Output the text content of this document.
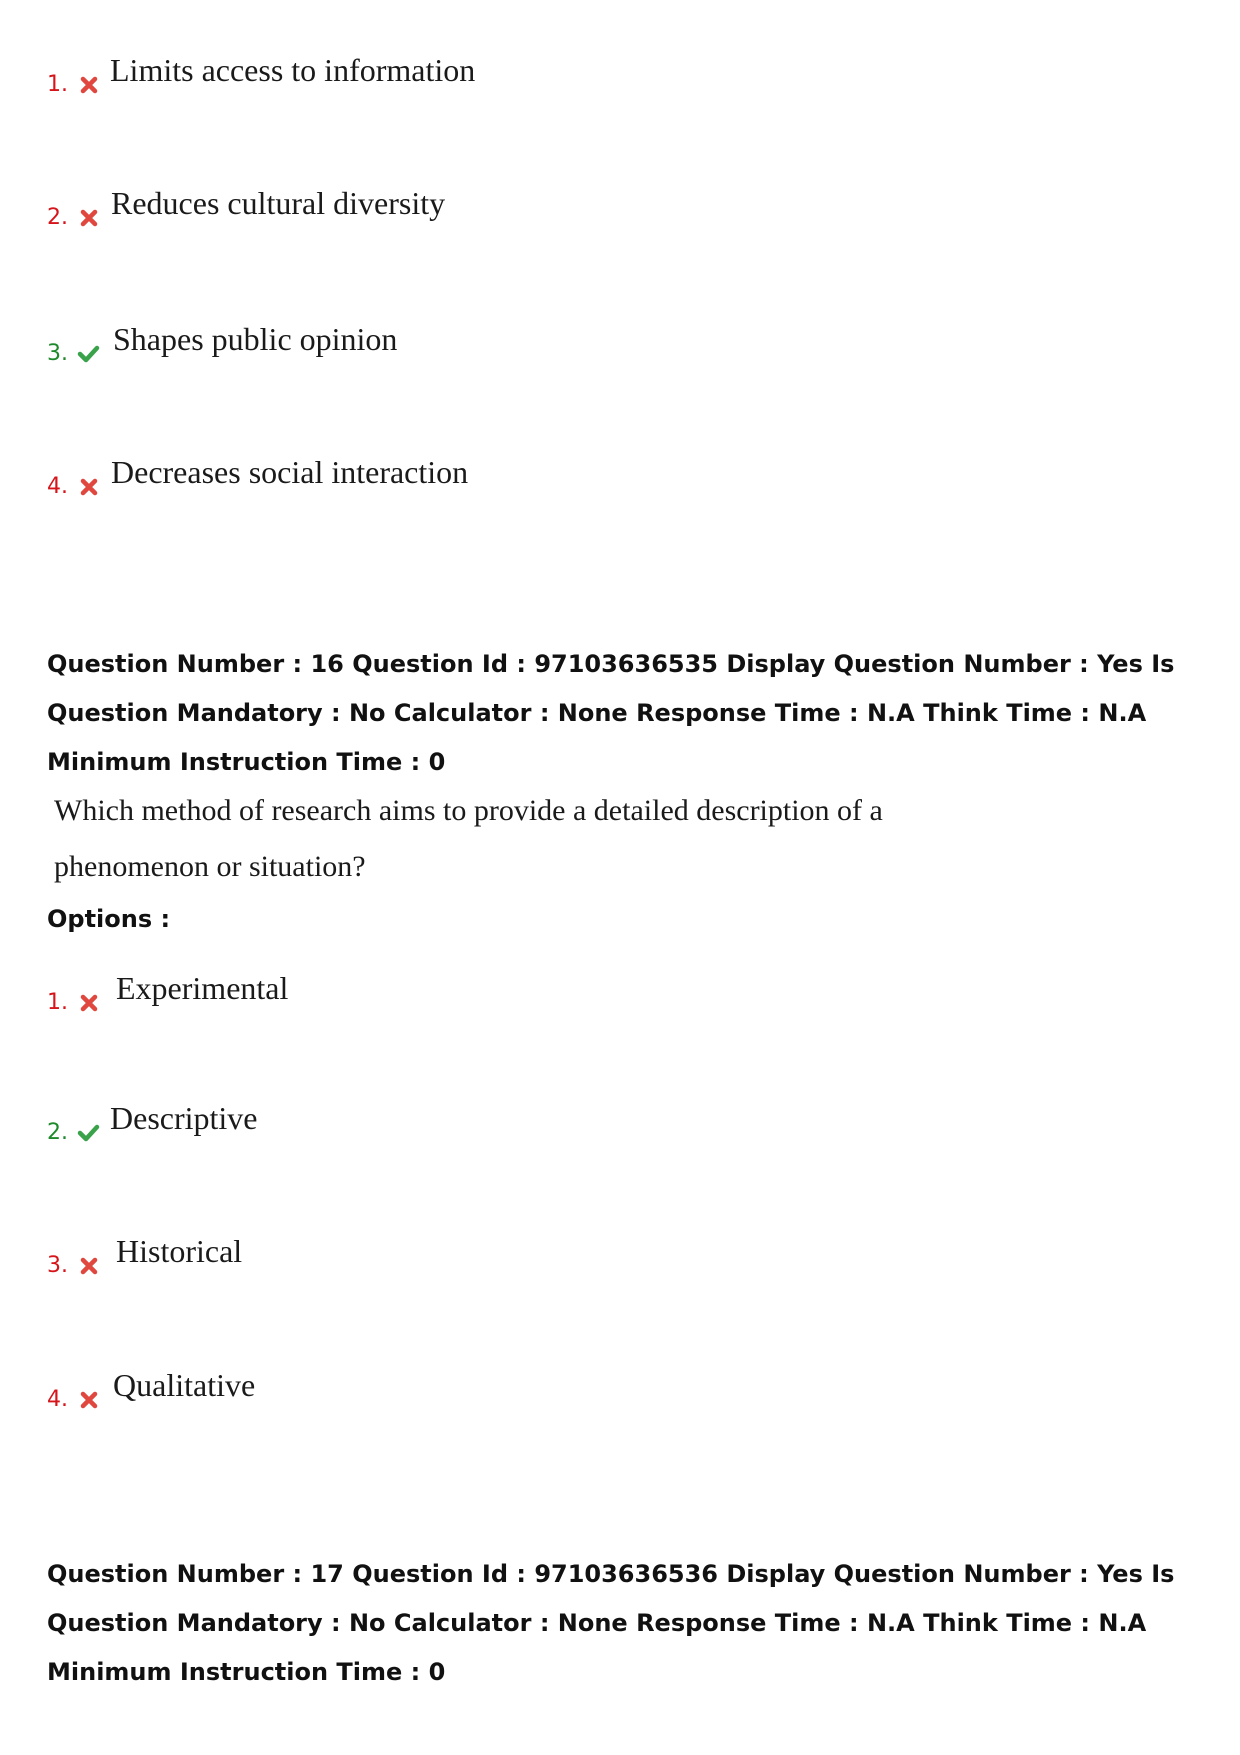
1. Limits access to information
2. Reduces cultural diversity
3. Shapes public opinion
4. Decreases social interaction
Question Number : 16 Question Id : 97103636535 Display Question Number : Yes Is Question Mandatory : No Calculator : None Response Time : N.A Think Time : N.A Minimum Instruction Time : 0
Which method of research aims to provide a detailed description of a phenomenon or situation?
Options :
1. Experimental
2. Descriptive
3. Historical
4. Qualitative
Question Number : 17 Question Id : 97103636536 Display Question Number : Yes Is Question Mandatory : No Calculator : None Response Time : N.A Think Time : N.A Minimum Instruction Time : 0
